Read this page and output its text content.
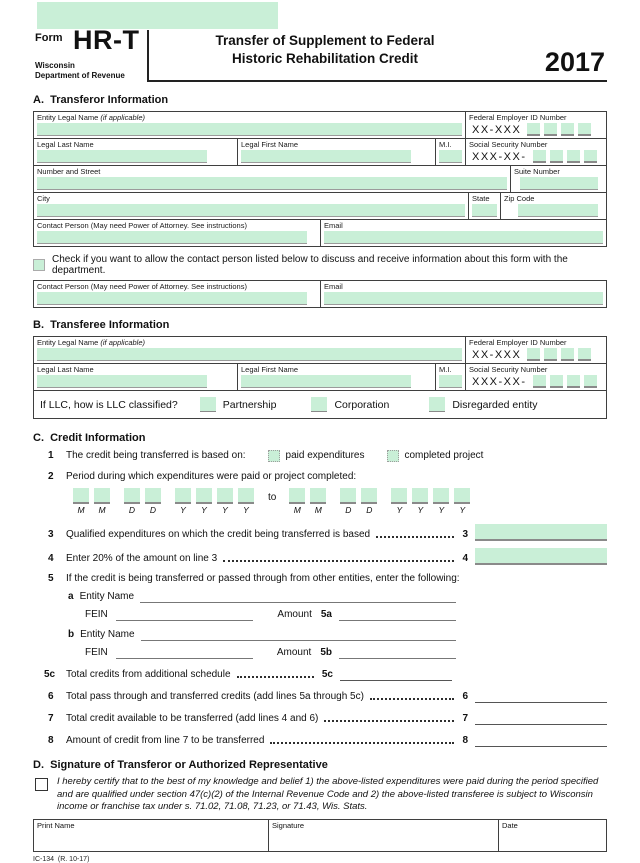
Form HR-T
Wisconsin
Department of Revenue
Transfer of Supplement to Federal
Historic Rehabilitation Credit	2017
A.  Transferor Information
Entity Legal Name (if applicable)	Federal Employer ID Number
XX-XXX
Legal Last Name	Legal First Name	M.I.	Social Security Number
XXX-XX-
Number and Street	Suite Number
City	State	Zip Code
Contact Person (May need Power of Attorney. See instructions)	Email
Check if you want to allow the contact person listed below to discuss and receive information about this form with the department.
Contact Person (May need Power of Attorney. See instructions)	Email
B.  Transferee Information
Entity Legal Name (if applicable)	Federal Employer ID Number
XX-XXX
Legal Last Name	Legal First Name	M.I.	Social Security Number
XXX-XX-
If LLC, how is LLC classified?	Partnership	Corporation	Disregarded entity
C.  Credit Information
1	The credit being transferred is based on:	paid expenditures	completed project
2	Period during which expenditures were paid or project completed:
M M	D D	Y Y Y Y
to
M M	D D	Y Y Y Y
3	Qualified expenditures on which the credit being transferred is based	3
4	Enter 20% of the amount on line 3	4
5	If the credit is being transferred or passed through from other entities, enter the following:
a Entity Name
FEIN	Amount 5a
b Entity Name
FEIN	Amount 5b
5c	Total credits from additional schedule	5c
6	Total pass through and transferred credits (add lines 5a through 5c)	6
7	Total credit available to be transferred (add lines 4 and 6)	7
8	Amount of credit from line 7 to be transferred	8
D.  Signature of Transferor or Authorized Representative
I hereby certify that to the best of my knowledge and belief 1) the above-listed expenditures were paid during the period specified and are qualified under section 47(c)(2) of the Internal Revenue Code and 2) the above-listed transferee is subject to Wisconsin income or franchise tax under s. 71.02, 71.08, 71.23, or 71.43, Wis. Stats.
Print Name	Signature	Date
IC-134  (R. 10-17)
